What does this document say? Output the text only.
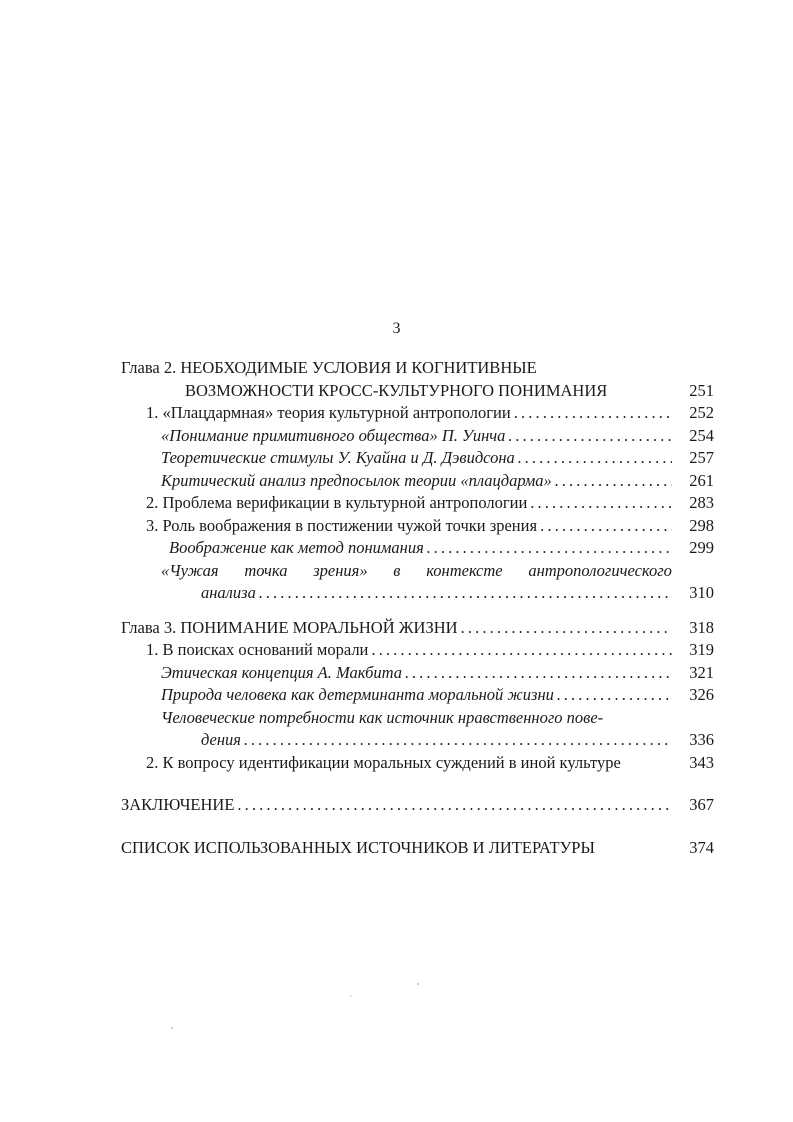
3
Глава 2. НЕОБХОДИМЫЕ УСЛОВИЯ И КОГНИТИВНЫЕ
ВОЗМОЖНОСТИ КРОСС-КУЛЬТУРНОГО ПОНИМАНИЯ	251
1. «Плацдармная» теория культурной антропологии . . .	252
«Понимание примитивного общества» П. Уинча . . .	254
Теоретические стимулы У. Куайна и Д. Дэвидсона . . .	257
Критический анализ предпосылок теории «плацдарма» . . .	261
2. Проблема верификации в культурной антропологии . . .	283
3. Роль воображения в постижении чужой точки зрения . . .	298
Воображение как метод понимания . . .	299
«Чужая точка зрения» в контексте антропологического
анализа . . .	310
Глава 3. ПОНИМАНИЕ МОРАЛЬНОЙ ЖИЗНИ . . .	318
1. В поисках оснований морали . . .	319
Этическая концепция А. Макбита . . .	321
Природа человека как детерминанта моральной жизни . . .	326
Человеческие потребности как источник нравственного пове-
дения . . .	336
2. К вопросу идентификации моральных суждений в иной культуре	343
ЗАКЛЮЧЕНИЕ . . .	367
СПИСОК ИСПОЛЬЗОВАННЫХ ИСТОЧНИКОВ И ЛИТЕРАТУРЫ	374
